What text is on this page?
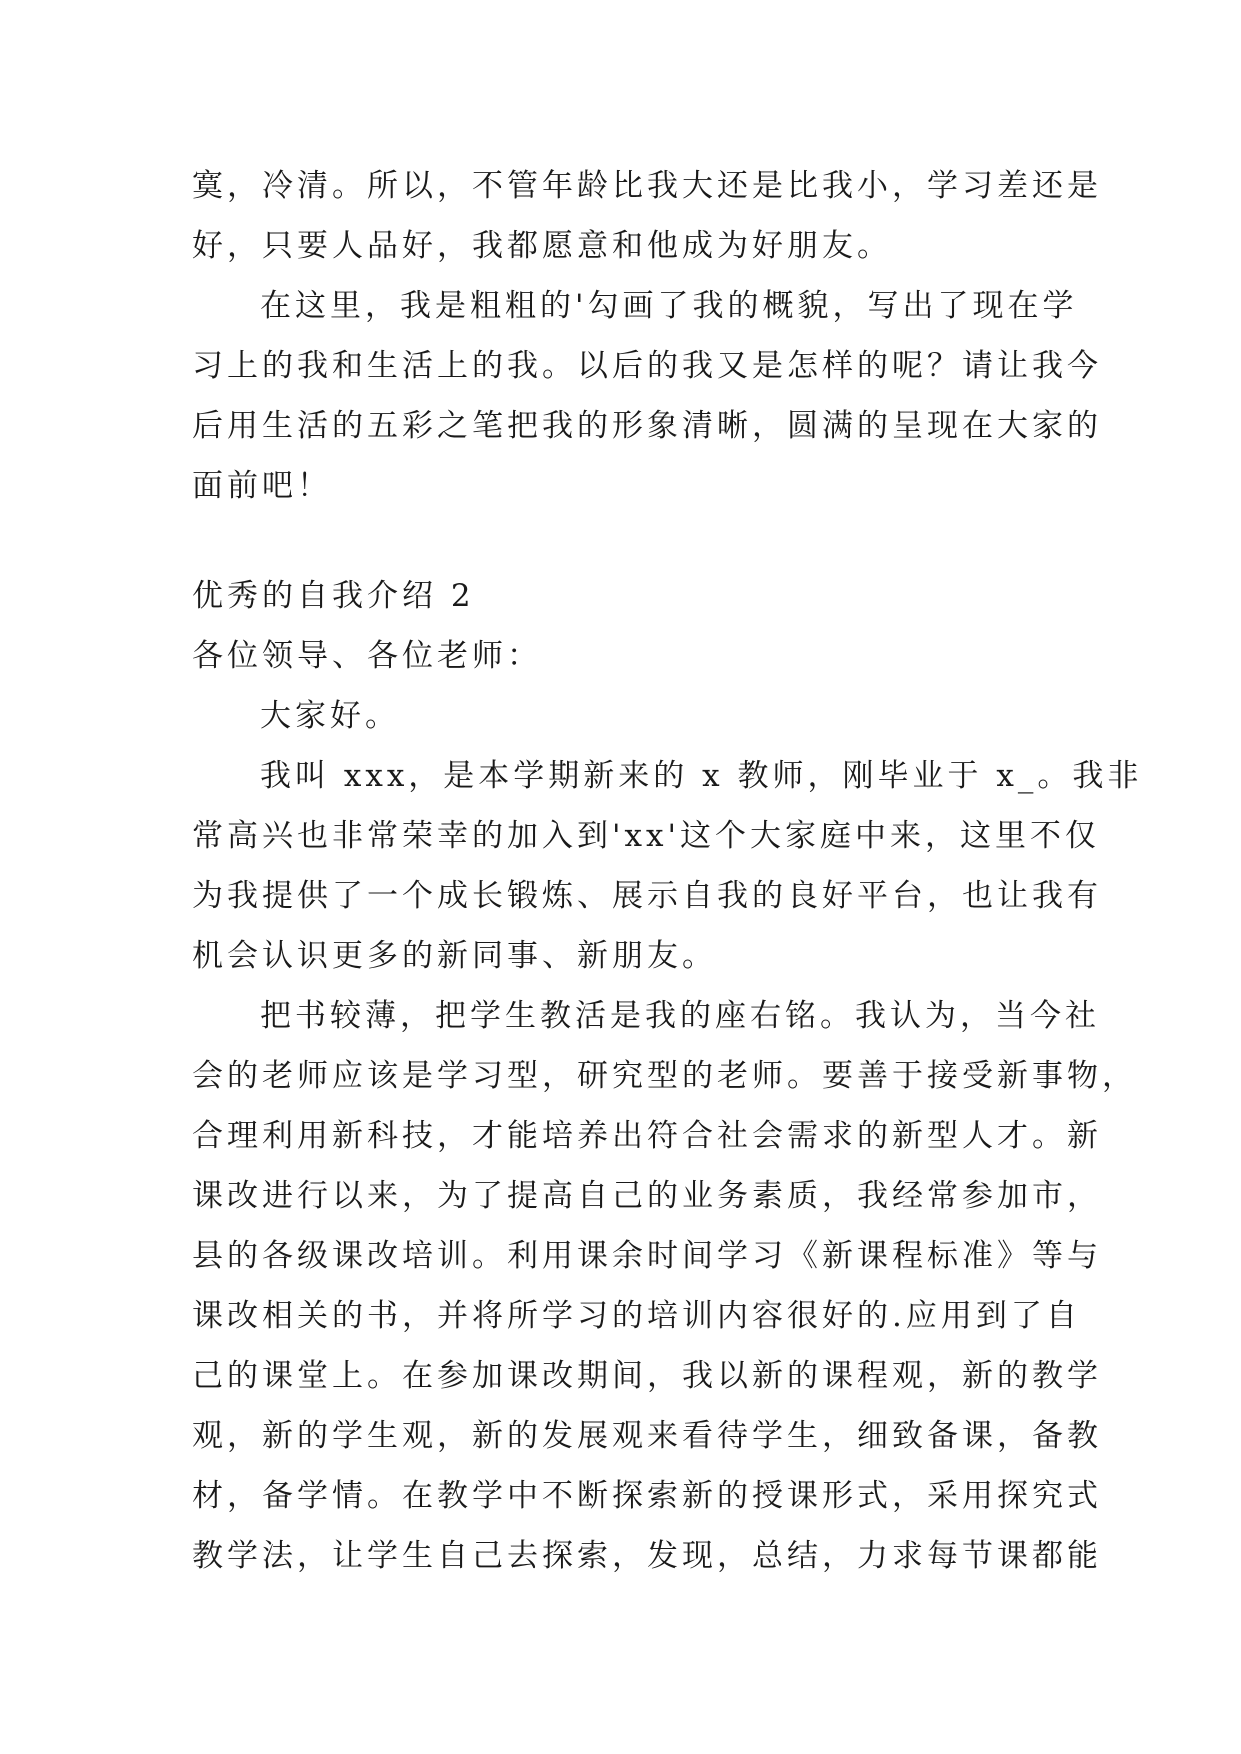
寞，冷清。所以，不管年龄比我大还是比我小，学习差还是
好，只要人品好，我都愿意和他成为好朋友。
在这里，我是粗粗的'勾画了我的概貌，写出了现在学
习上的我和生活上的我。以后的我又是怎样的呢？请让我今
后用生活的五彩之笔把我的形象清晰，圆满的呈现在大家的
面前吧！
优秀的自我介绍 2
各位领导、各位老师：
大家好。
我叫 xxx，是本学期新来的 x 教师，刚毕业于 x_。我非
常高兴也非常荣幸的加入到'xx'这个大家庭中来，这里不仅
为我提供了一个成长锻炼、展示自我的良好平台，也让我有
机会认识更多的新同事、新朋友。
把书较薄，把学生教活是我的座右铭。我认为，当今社
会的老师应该是学习型，研究型的老师。要善于接受新事物，
合理利用新科技，才能培养出符合社会需求的新型人才。新
课改进行以来，为了提高自己的业务素质，我经常参加市，
县的各级课改培训。利用课余时间学习《新课程标准》等与
课改相关的书，并将所学习的培训内容很好的.应用到了自
己的课堂上。在参加课改期间，我以新的课程观，新的教学
观，新的学生观，新的发展观来看待学生，细致备课，备教
材，备学情。在教学中不断探索新的授课形式，采用探究式
教学法，让学生自己去探索，发现，总结，力求每节课都能
